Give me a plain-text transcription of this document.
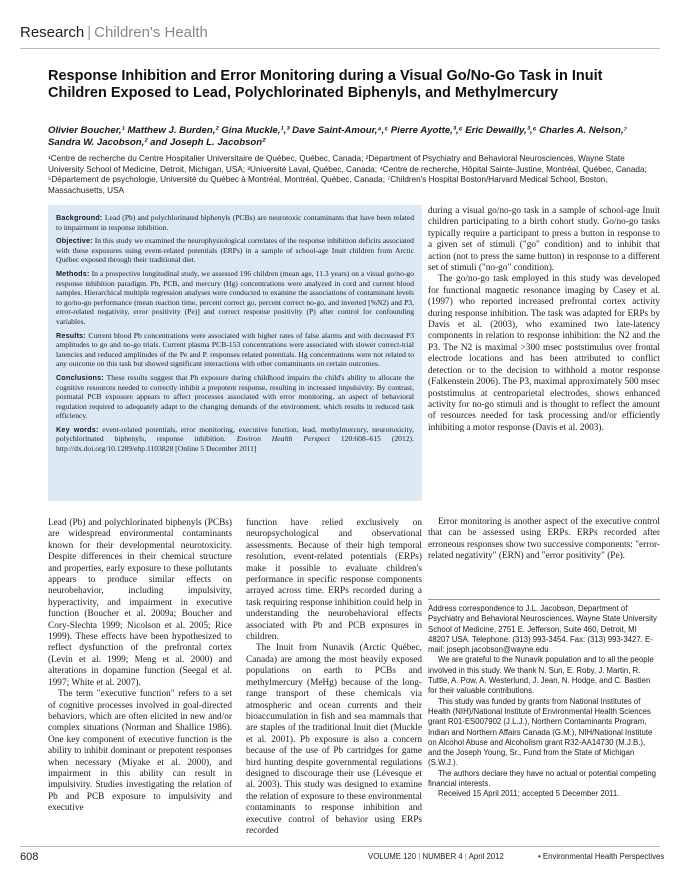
Research | Children's Health
Response Inhibition and Error Monitoring during a Visual Go/No-Go Task in Inuit Children Exposed to Lead, Polychlorinated Biphenyls, and Methylmercury
Olivier Boucher,¹ Matthew J. Burden,² Gina Muckle,¹,³ Dave Saint-Amour,⁴,⁵ Pierre Ayotte,³,⁶ Eric Dewailly,³,⁶ Charles A. Nelson,⁷ Sandra W. Jacobson,² and Joseph L. Jacobson²
¹Centre de recherche du Centre Hospitalier Universitaire de Québec, Québec, Canada; ²Department of Psychiatry and Behavioral Neurosciences, Wayne State University School of Medicine, Detroit, Michigan, USA; ³Université Laval, Québec, Canada; ⁴Centre de recherche, Hôpital Sainte-Justine, Montréal, Québec, Canada; ⁵Département de psychologie, Université du Québec à Montréal, Montréal, Québec, Canada; ⁷Children's Hospital Boston/Harvard Medical School, Boston, Massachusetts, USA

Background: Lead (Pb) and polychlorinated biphenyls (PCBs) are neurotoxic contaminants that have been related to impairment in response inhibition.

Objective: In this study we examined the neurophysiological correlates of the response inhibition deficits associated with these exposures using event-related potentials (ERPs) in a sample of school-age Inuit children from Arctic Québec exposed through their traditional diet.

Methods: In a prospective longitudinal study, we assessed 196 children (mean age, 11.3 years) on a visual go/no-go response inhibition paradigm. Pb, PCB, and mercury (Hg) concentrations were analyzed in cord and current blood samples. Hierarchical multiple regression analyses were conducted to examine the associations of contaminant levels to go/no-go performance (mean reaction time, percent correct go, percent correct no-go, and inverted [%N2) and P3, error-related negativity, error positivity (Pe)] and correct response positivity (P) after control for confounding variables.

Results: Current blood Pb concentrations were associated with higher rates of false alarms and with decreased P3 amplitudes to go and no-go trials. Current plasma PCB-153 concentrations were associated with slower correct-trial latencies and reduced amplitudes of the Pe and P. responses related potentials. Hg concentrations were not related to any outcome on this task but showed significant interactions with other contaminants on certain outcomes.

Conclusions: These results suggest that Pb exposure during childhood impairs the child's ability to allocate the cognitive resources needed to correctly inhibit a prepotent response, resulting in increased impulsivity. By contrast, postnatal PCB exposure appears to affect processes associated with error monitoring, an aspect of behavioral regulation required to adequately adapt to the changing demands of the environment, which results in reduced task efficiency.

Key words: event-related potentials, error monitoring, executive function, lead, methylmercury, neurotoxicity, polychlorinated biphenyls, response inhibition. Environ Health Perspect 120:608–615 (2012). http://dx.doi.org/10.1289/ehp.1103828 [Online 5 December 2011]

during a visual go/no-go task in a sample of school-age Inuit children participating to a birth cohort study. Go/no-go tasks typically require a participant to press a button in response to a given set of stimuli ("go" condition) and to inhibit that action (not to press the same button) in response to a different set of stimuli ("no-go" condition).

The go/no-go task employed in this study was developed for functional magnetic resonance imaging by Casey et al. (1997) who reported increased prefrontal cortex activity during response inhibition. The task was adapted for ERPs by Davis et al. (2003), who examined two late-latency components in relation to response inhibition: the N2 and the P3. The N2 is maximal >300 msec poststimulus over frontal electrode locations and has been attributed to conflict detection or to the decision to withhold a motor response (Falkenstein 2006). The P3, maximal approximately 500 msec poststimulus at centroparietal electrodes, shows enhanced activity for no-go stimuli and is thought to reflect the amount of resources needed for task processing and/or efficiently inhibiting a motor response (Davis et al. 2003).

Lead (Pb) and polychlorinated biphenyls (PCBs) are widespread environmental contaminants known for their developmental neurotoxicity. Despite differences in their chemical structure and properties, early exposure to these pollutants appears to produce similar effects on neurobehavior, including impulsivity, hyperactivity, and impairment in executive function (Boucher et al. 2009a; Boucher and Cory-Slechta 1999; Nicolson et al. 2005; Rice 1999). These effects have been hypothesized to reflect dysfunction of the prefrontal cortex (Levin et al. 1999; Meng et al. 2000) and alterations in dopamine function (Seegal et al. 1997; White et al. 2007).

The term "executive function" refers to a set of cognitive processes involved in goal-directed behaviors, which are often elicited in new and/or complex situations (Norman and Shallice 1986). One key component of executive function is the ability to inhibit dominant or prepotent responses when necessary (Miyake et al. 2000), and impairment in this ability can result in impulsivity. Studies investigating the relation of Pb and PCB exposure to impulsivity and executive

function have relied exclusively on neuropsychological and observational assessments. Because of their high temporal resolution, event-related potentials (ERPs) make it possible to evaluate children's performance in specific response components arrayed across time. ERPs recorded during a task requiring response inhibition could help in understanding the neurobehavioral effects associated with Pb and PCB exposures in children.

The Inuit from Nunavik (Arctic Québec, Canada) are among the most heavily exposed populations on earth to PCBs and methylmercury (MeHg) because of the long-range transport of these chemicals via atmospheric and ocean currents and their bioaccumulation in fish and sea mammals that are staples of the traditional Inuit diet (Muckle et al. 2001). Pb exposure is also a concern because of the use of Pb cartridges for game bird hunting despite governmental regulations designed to discourage their use (Lévesque et al. 2003). This study was designed to examine the relation of exposure to these environmental contaminants to response inhibition and executive control of behavior using ERPs recorded

Error monitoring is another aspect of the executive control that can be assessed using ERPs. ERPs recorded after erroneous responses show two successive components: "error-related negativity" (ERN) and "error positivity" (Pe).

Address correspondence to J.L. Jacobson, Department of Psychiatry and Behavioral Neurosciences, Wayne State University School of Medicine, 2751 E. Jefferson, Suite 460, Detroit, MI 48207 USA. Telephone: (313) 993-3454. Fax: (313) 993-3427. E-mail: joseph.jacobson@wayne.edu

We are grateful to the Nunavik population and to all the people involved in this study. We thank N. Sun, E. Roby, J. Martin, R. Tuttle, A. Pow, A. Westerlund, J. Jean, N. Hodge, and C. Bastien for their valuable contributions.

This study was funded by grants from National Institutes of Health (NIH)/National Institute of Environmental Health Sciences grant R01-ES007902 (J.L.J.), Northern Contaminants Program, Indian and Northern Affairs Canada (G.M.), NIH/National Institute on Alcohol Abuse and Alcoholism grant R32-AA14730 (M.J.B.), and the Joseph Young, Sr., Fund from the State of Michigan (S.W.J.).

The authors declare they have no actual or potential competing financial interests.

Received 15 April 2011; accepted 5 December 2011.

608	VOLUME 120 | NUMBER 4 | April 2012	• Environmental Health Perspectives
